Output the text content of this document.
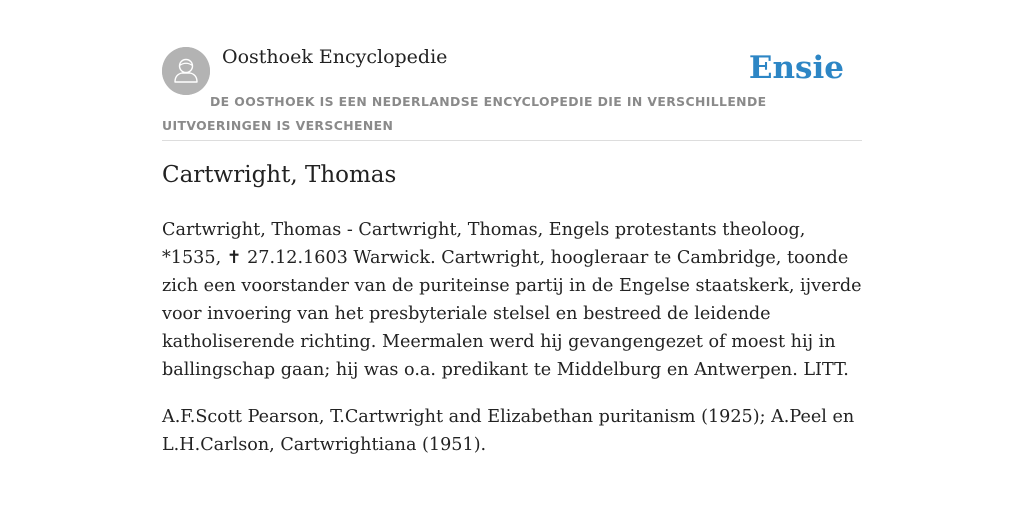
Oosthoek Encyclopedie	Ensie
DE OOSTHOEK IS EEN NEDERLANDSE ENCYCLOPEDIE DIE IN VERSCHILLENDE UITVOERINGEN IS VERSCHENEN
Cartwright, Thomas

Cartwright, Thomas - Cartwright, Thomas, Engels protestants theoloog, *1535, ✝ 27.12.1603 Warwick. Cartwright, hoogleraar te Cambridge, toonde zich een voorstander van de puriteinse partij in de Engelse staatskerk, ijverde voor invoering van het presbyteriale stelsel en bestreed de leidende katholiserende richting. Meermalen werd hij gevangengezet of moest hij in ballingschap gaan; hij was o.a. predikant te Middelburg en Antwerpen. LITT.

A.F.Scott Pearson, T.Cartwright and Elizabethan puritanism (1925); A.Peel en L.H.Carlson, Cartwrightiana (1951).
